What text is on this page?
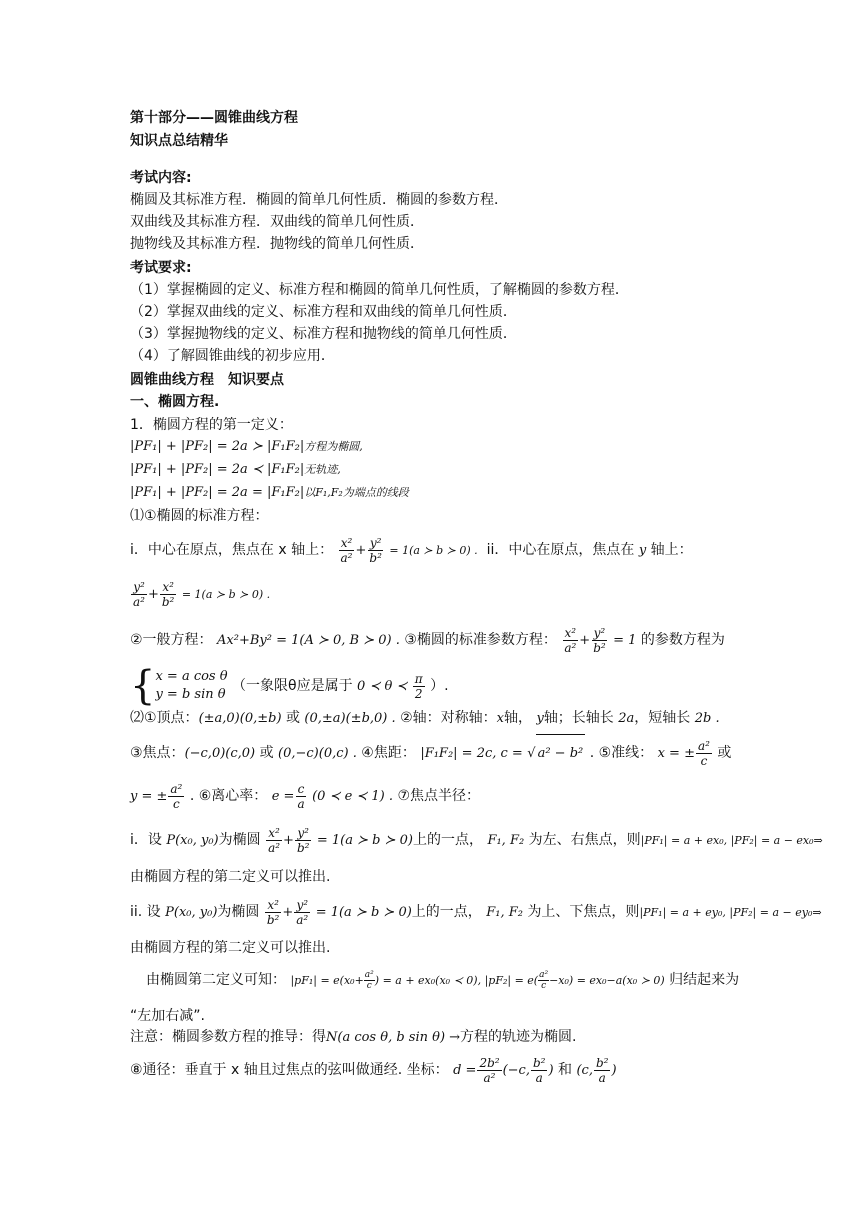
第十部分——圆锥曲线方程
知识点总结精华
考试内容:
椭圆及其标准方程．椭圆的简单几何性质．椭圆的参数方程．
双曲线及其标准方程．双曲线的简单几何性质．
抛物线及其标准方程．抛物线的简单几何性质．
考试要求:
（1）掌握椭圆的定义、标准方程和椭圆的简单几何性质，了解椭圆的参数方程．
（2）掌握双曲线的定义、标准方程和双曲线的简单几何性质．
（3）掌握抛物线的定义、标准方程和抛物线的简单几何性质．
（4）了解圆锥曲线的初步应用．
圆锥曲线方程　知识要点
一、椭圆方程.
1．椭圆方程的第一定义：
|PF₁| + |PF₂| = 2a ≻ |F₁F₂|方程为椭圆,
|PF₁| + |PF₂| = 2a ≺ |F₁F₂|无轨迹,
|PF₁| + |PF₂| = 2a = |F₁F₂|以F₁,F₂为端点的线段
⑴①椭圆的标准方程：
i．中心在原点，焦点在 x 轴上： $\frac{\text{x²}}{\text{a²}} + \frac{\text{y²}}{\text{b²}} = 1(a$ ≻ b ≻ 0) . ii．中心在原点，焦点在 y 轴上：
$\frac{\text{y²}}{\text{a²}} + \frac{\text{x²}}{\text{b²}} = 1(a$ ≻ b ≻ 0) .
②一般方程： Ax²+By² = 1(A ≻ 0, B ≻ 0) . ③椭圆的标准参数方程： $\frac{\text{x²}}{\text{a²}} + \frac{\text{y²}}{\text{b²}} = 1$ 的参数方程为
{ x = a cos θ
y = b sin θ
（一象限θ应是属于 0 ≺ θ ≺ $\frac{\pi}{2}$ ）.
⑵①顶点：(±a,0)(0,±b) 或 (0,±a)(±b,0) . ②轴：对称轴：x轴， y轴；长轴长 2a，短轴长 2b .
③焦点：(−c,0)(c,0) 或 (0,−c)(0,c) . ④焦距： |F₁F₂| = 2c, c = √ a² − b² . ⑤准线： x = ± $\frac{\text{a²}}{c}$ 或
y = ± $\frac{\text{a²}}{c}$ . ⑥离心率： $e = \frac{c}{a} (0$ ≺ e ≺ 1) . ⑦焦点半径：
i．设 P(x₀, y₀)为椭圆 $\frac{\text{x²}}{\text{a²}} + \frac{\text{y²}}{\text{b²}} = 1(a$ ≻ b ≻ 0)上的一点， F₁, F₂ 为左、右焦点，则|PF₁| = a + ex₀, |PF₂| = a − ex₀⇒
由椭圆方程的第二定义可以推出.
ii. 设 P(x₀, y₀)为椭圆 $\frac{\text{x²}}{\text{b²}} + \frac{\text{y²}}{\text{a²}} = 1(a$ ≻ b ≻ 0)上的一点， F₁, F₂ 为上、下焦点，则|PF₁| = a + ey₀, |PF₂| = a − ey₀⇒
由椭圆方程的第二定义可以推出.
由椭圆第二定义可知： $|pF_1| = e(x_0+ \frac{\text{a²}}{c}$ ) = a + ex₀(x₀ ≺ 0), $|pF_2| = e( \frac{\text{a²}}{c} -x_0) = ex_0-a(x_0$ ≻ 0) 归结起来为
“左加右减”.
注意：椭圆参数方程的推导：得N(a cos θ, b sin θ) →方程的轨迹为椭圆.
⑧通径：垂直于 x 轴且过焦点的弦叫做通经. 坐标： $d = \frac{\text{2b²}}{\text{a²}} (-c$, $\frac{\text{b²}}{a}$ ) 和 (c, $\frac{\text{b²}}{a}$ )
